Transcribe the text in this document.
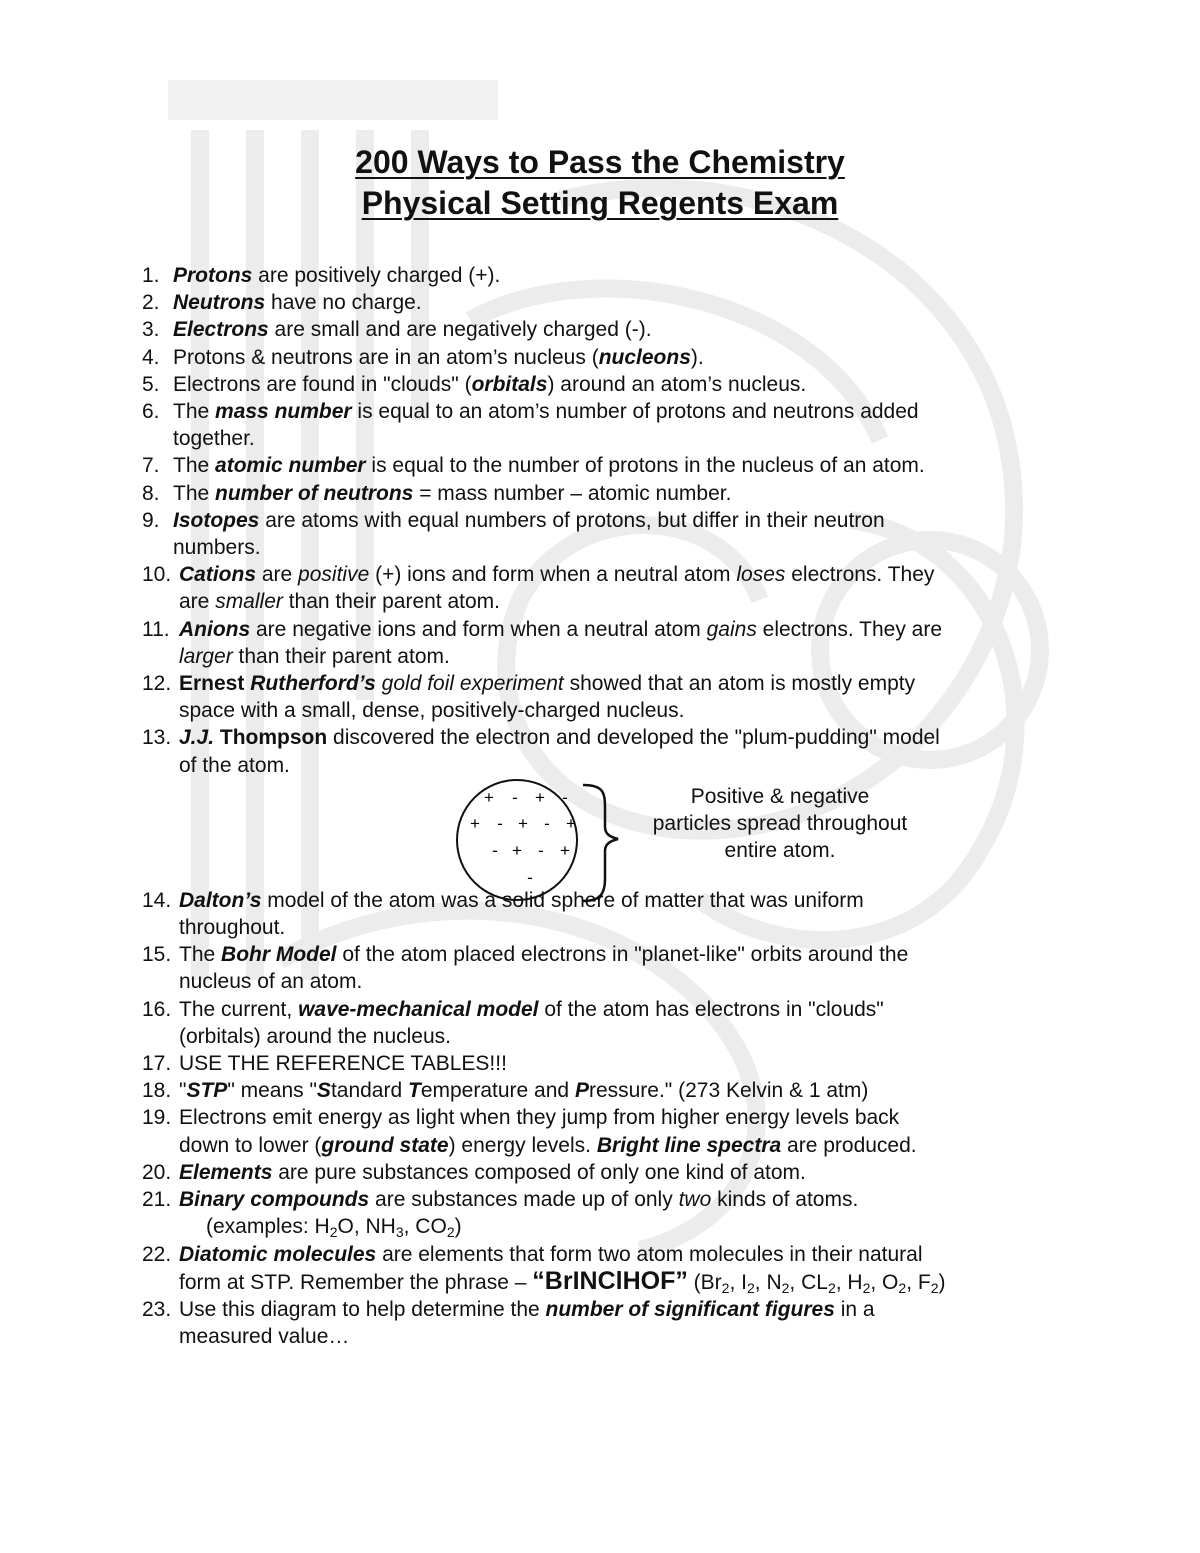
200 Ways to Pass the Chemistry
Physical Setting Regents Exam
1. Protons are positively charged (+).
2. Neutrons have no charge.
3. Electrons are small and are negatively charged (-).
4. Protons & neutrons are in an atom’s nucleus (nucleons).
5. Electrons are found in "clouds" (orbitals) around an atom’s nucleus.
6. The mass number is equal to an atom’s number of protons and neutrons added
together.
7. The atomic number is equal to the number of protons in the nucleus of an atom.
8. The number of neutrons = mass number – atomic number.
9. Isotopes are atoms with equal numbers of protons, but differ in their neutron
numbers.
10. Cations are positive (+) ions and form when a neutral atom loses electrons. They
are smaller than their parent atom.
11. Anions are negative ions and form when a neutral atom gains electrons. They are
larger than their parent atom.
12. Ernest Rutherford’s gold foil experiment showed that an atom is mostly empty
space with a small, dense, positively-charged nucleus.
13. J.J. Thompson discovered the electron and developed the "plum-pudding" model
of the atom.
+ - + -
+ - + - +
- + - +
-
Positive & negative
particles spread throughout
entire atom.
14. Dalton’s model of the atom was a solid sphere of matter that was uniform
throughout.
15. The Bohr Model of the atom placed electrons in "planet-like" orbits around the
nucleus of an atom.
16. The current, wave-mechanical model of the atom has electrons in "clouds"
(orbitals) around the nucleus.
17. USE THE REFERENCE TABLES!!!
18. "STP" means "Standard Temperature and Pressure." (273 Kelvin & 1 atm)
19. Electrons emit energy as light when they jump from higher energy levels back
down to lower (ground state) energy levels. Bright line spectra are produced.
20. Elements are pure substances composed of only one kind of atom.
21. Binary compounds are substances made up of only two kinds of atoms.
(examples: $H_2O$, $NH_3$, $CO_2$)
22. Diatomic molecules are elements that form two atom molecules in their natural
form at STP. Remember the phrase – “BrINClHOF” ($Br_2$, $I_2$, $N_2$, $CL_2$, $H_2$, $O_2$, $F_2$)
23. Use this diagram to help determine the number of significant figures in a
measured value…
